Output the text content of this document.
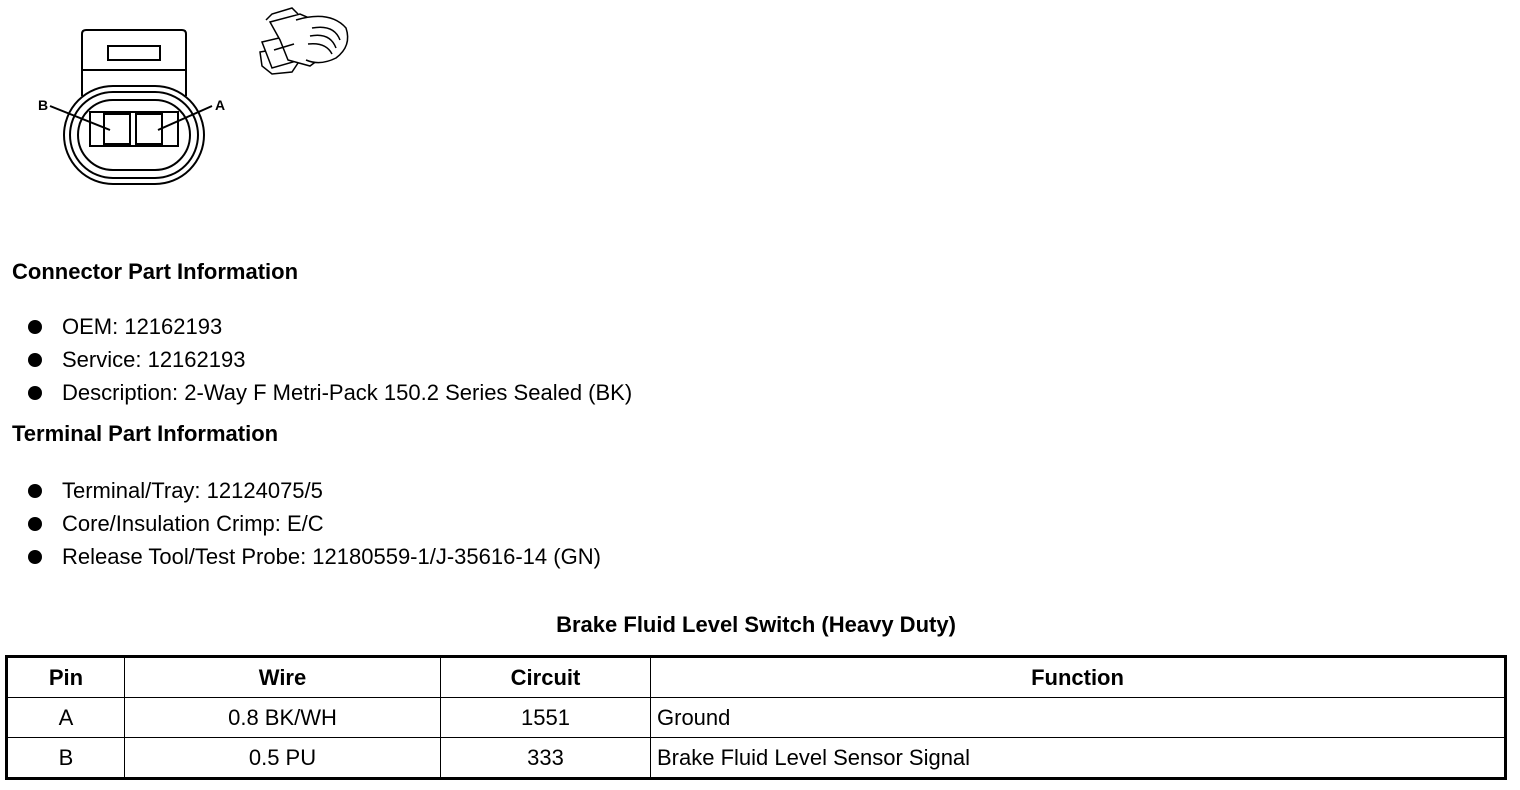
B	A
Connector Part Information
OEM: 12162193
Service: 12162193
Description: 2-Way F Metri-Pack 150.2 Series Sealed (BK)
Terminal Part Information
Terminal/Tray: 12124075/5
Core/Insulation Crimp: E/C
Release Tool/Test Probe: 12180559-1/J-35616-14 (GN)
Brake Fluid Level Switch (Heavy Duty)
Pin	Wire	Circuit	Function
A	0.8 BK/WH	1551	Ground
B	0.5 PU	333	Brake Fluid Level Sensor Signal
